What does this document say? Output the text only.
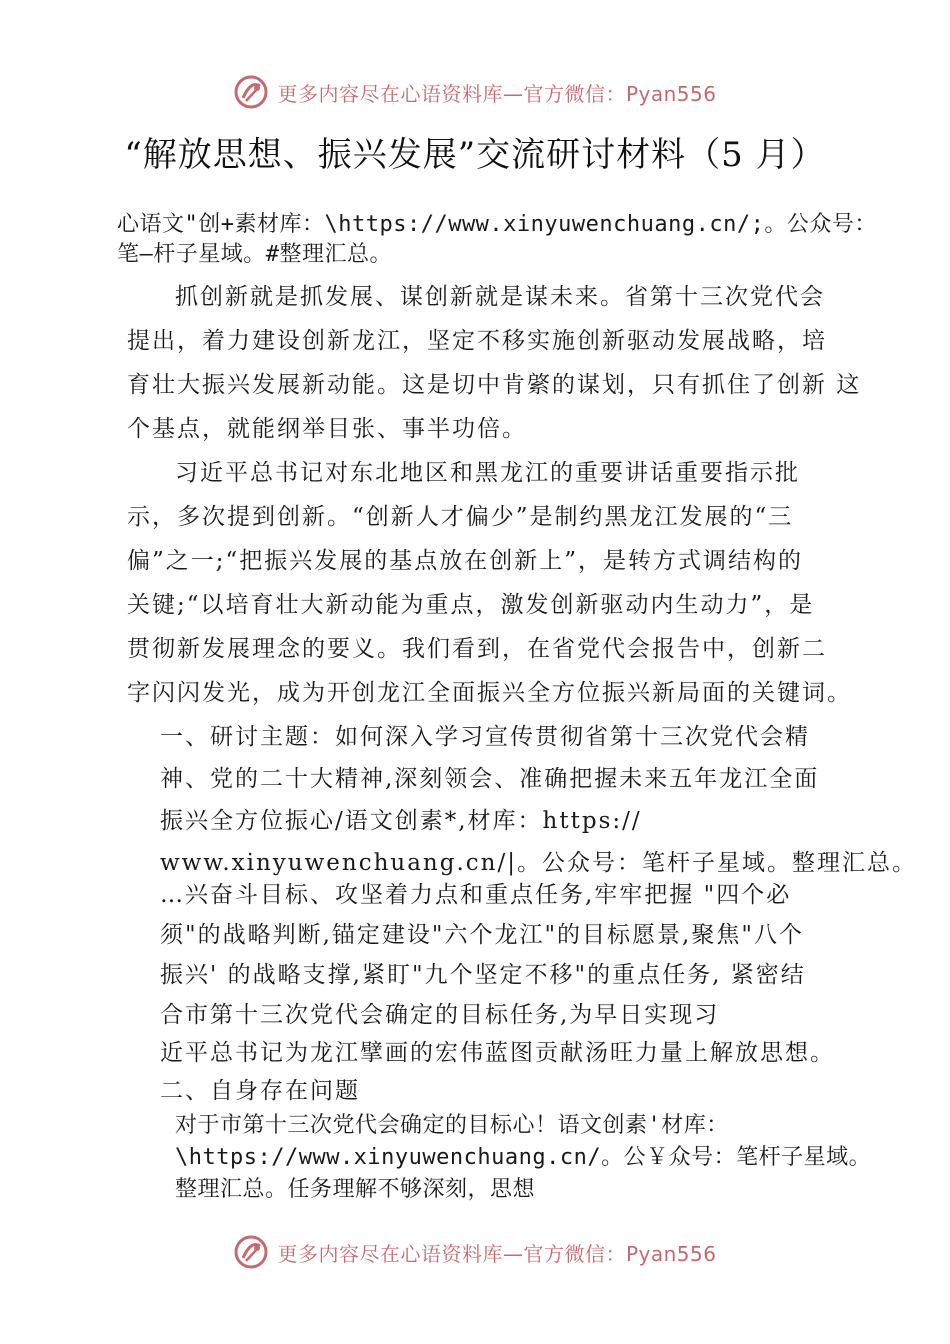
更多内容尽在心语资料库—官方微信：Pyan556
“解放思想、振兴发展”交流研讨材料（5 月）
心语文"创+素材库：\https://www.xinyuwenchuang.cn/;。公众号：
笔—杆子星域。#整理汇总。
抓创新就是抓发展、谋创新就是谋未来。省第十三次党代会
提出，着力建设创新龙江，坚定不移实施创新驱动发展战略，培
育壮大振兴发展新动能。这是切中肯綮的谋划，只有抓住了创新 这
个基点，就能纲举目张、事半功倍。
习近平总书记对东北地区和黑龙江的重要讲话重要指示批
示，多次提到创新。“创新人才偏少”是制约黑龙江发展的“三
偏”之一;“把振兴发展的基点放在创新上”，是转方式调结构的
关键;“以培育壮大新动能为重点，激发创新驱动内生动力”，是
贯彻新发展理念的要义。我们看到，在省党代会报告中，创新二
字闪闪发光，成为开创龙江全面振兴全方位振兴新局面的关键词。
一、研讨主题：如何深入学习宣传贯彻省第十三次党代会精
神、党的二十大精神,深刻领会、准确把握未来五年龙江全面
振兴全方位振心/语文创素*,材库：https://
www.xinyuwenchuang.cn/|。公众号：笔杆子星域。整理汇总。
…兴奋斗目标、攻坚着力点和重点任务,牢牢把握 "四个必
须"的战略判断,锚定建设"六个龙江"的目标愿景,聚焦"八个
振兴' 的战略支撑,紧盯"九个坚定不移"的重点任务, 紧密结
合市第十三次党代会确定的目标任务,为早日实现习
近平总书记为龙江擘画的宏伟蓝图贡献汤旺力量上解放思想。
二、自身存在问题
对于市第十三次党代会确定的目标心！语文创素'材库：
\https://www.xinyuwenchuang.cn/。公￥众号：笔杆子星域。
整理汇总。任务理解不够深刻，思想
更多内容尽在心语资料库—官方微信：Pyan556
